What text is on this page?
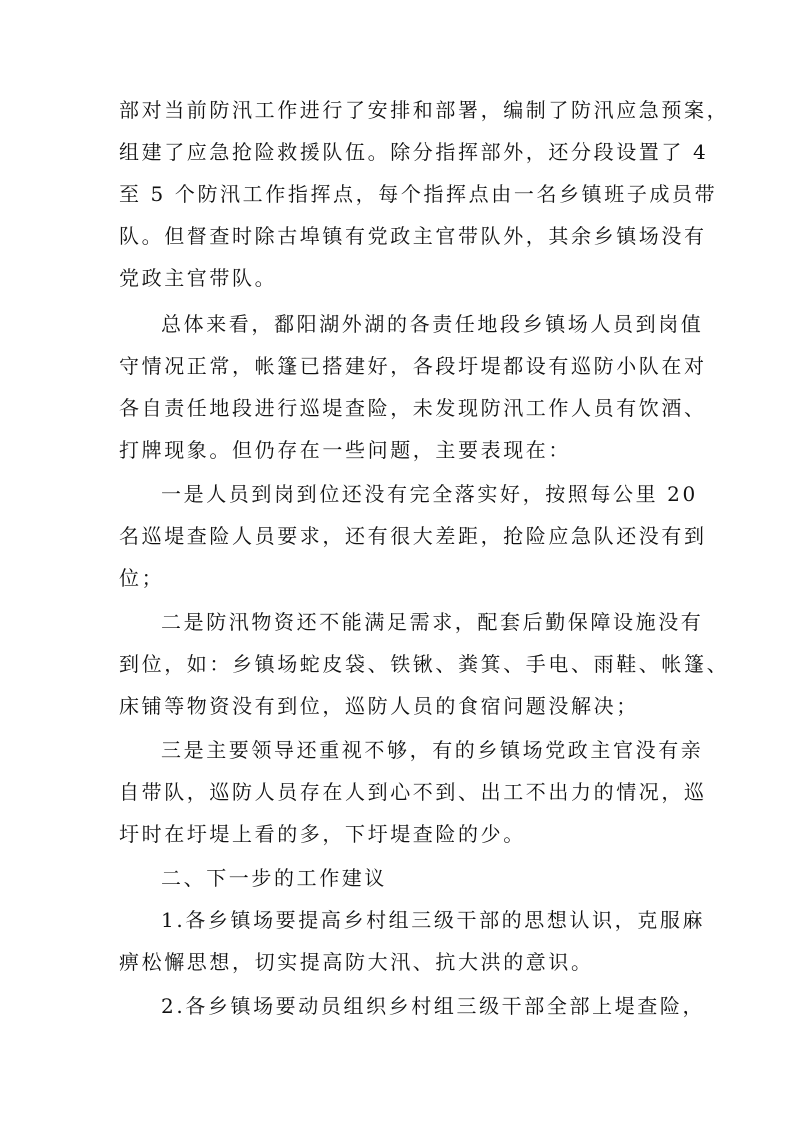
部对当前防汛工作进行了安排和部署，编制了防汛应急预案，
组建了应急抢险救援队伍。除分指挥部外，还分段设置了 4
至 5 个防汛工作指挥点，每个指挥点由一名乡镇班子成员带
队。但督查时除古埠镇有党政主官带队外，其余乡镇场没有
党政主官带队。
总体来看，鄱阳湖外湖的各责任地段乡镇场人员到岗值
守情况正常，帐篷已搭建好，各段圩堤都设有巡防小队在对
各自责任地段进行巡堤查险，未发现防汛工作人员有饮酒、
打牌现象。但仍存在一些问题，主要表现在：
一是人员到岗到位还没有完全落实好，按照每公里 20
名巡堤查险人员要求，还有很大差距，抢险应急队还没有到
位；
二是防汛物资还不能满足需求，配套后勤保障设施没有
到位，如：乡镇场蛇皮袋、铁锹、粪箕、手电、雨鞋、帐篷、
床铺等物资没有到位，巡防人员的食宿问题没解决；
三是主要领导还重视不够，有的乡镇场党政主官没有亲
自带队，巡防人员存在人到心不到、出工不出力的情况，巡
圩时在圩堤上看的多，下圩堤查险的少。
二、下一步的工作建议
1.各乡镇场要提高乡村组三级干部的思想认识，克服麻
痹松懈思想，切实提高防大汛、抗大洪的意识。
2.各乡镇场要动员组织乡村组三级干部全部上堤查险，
